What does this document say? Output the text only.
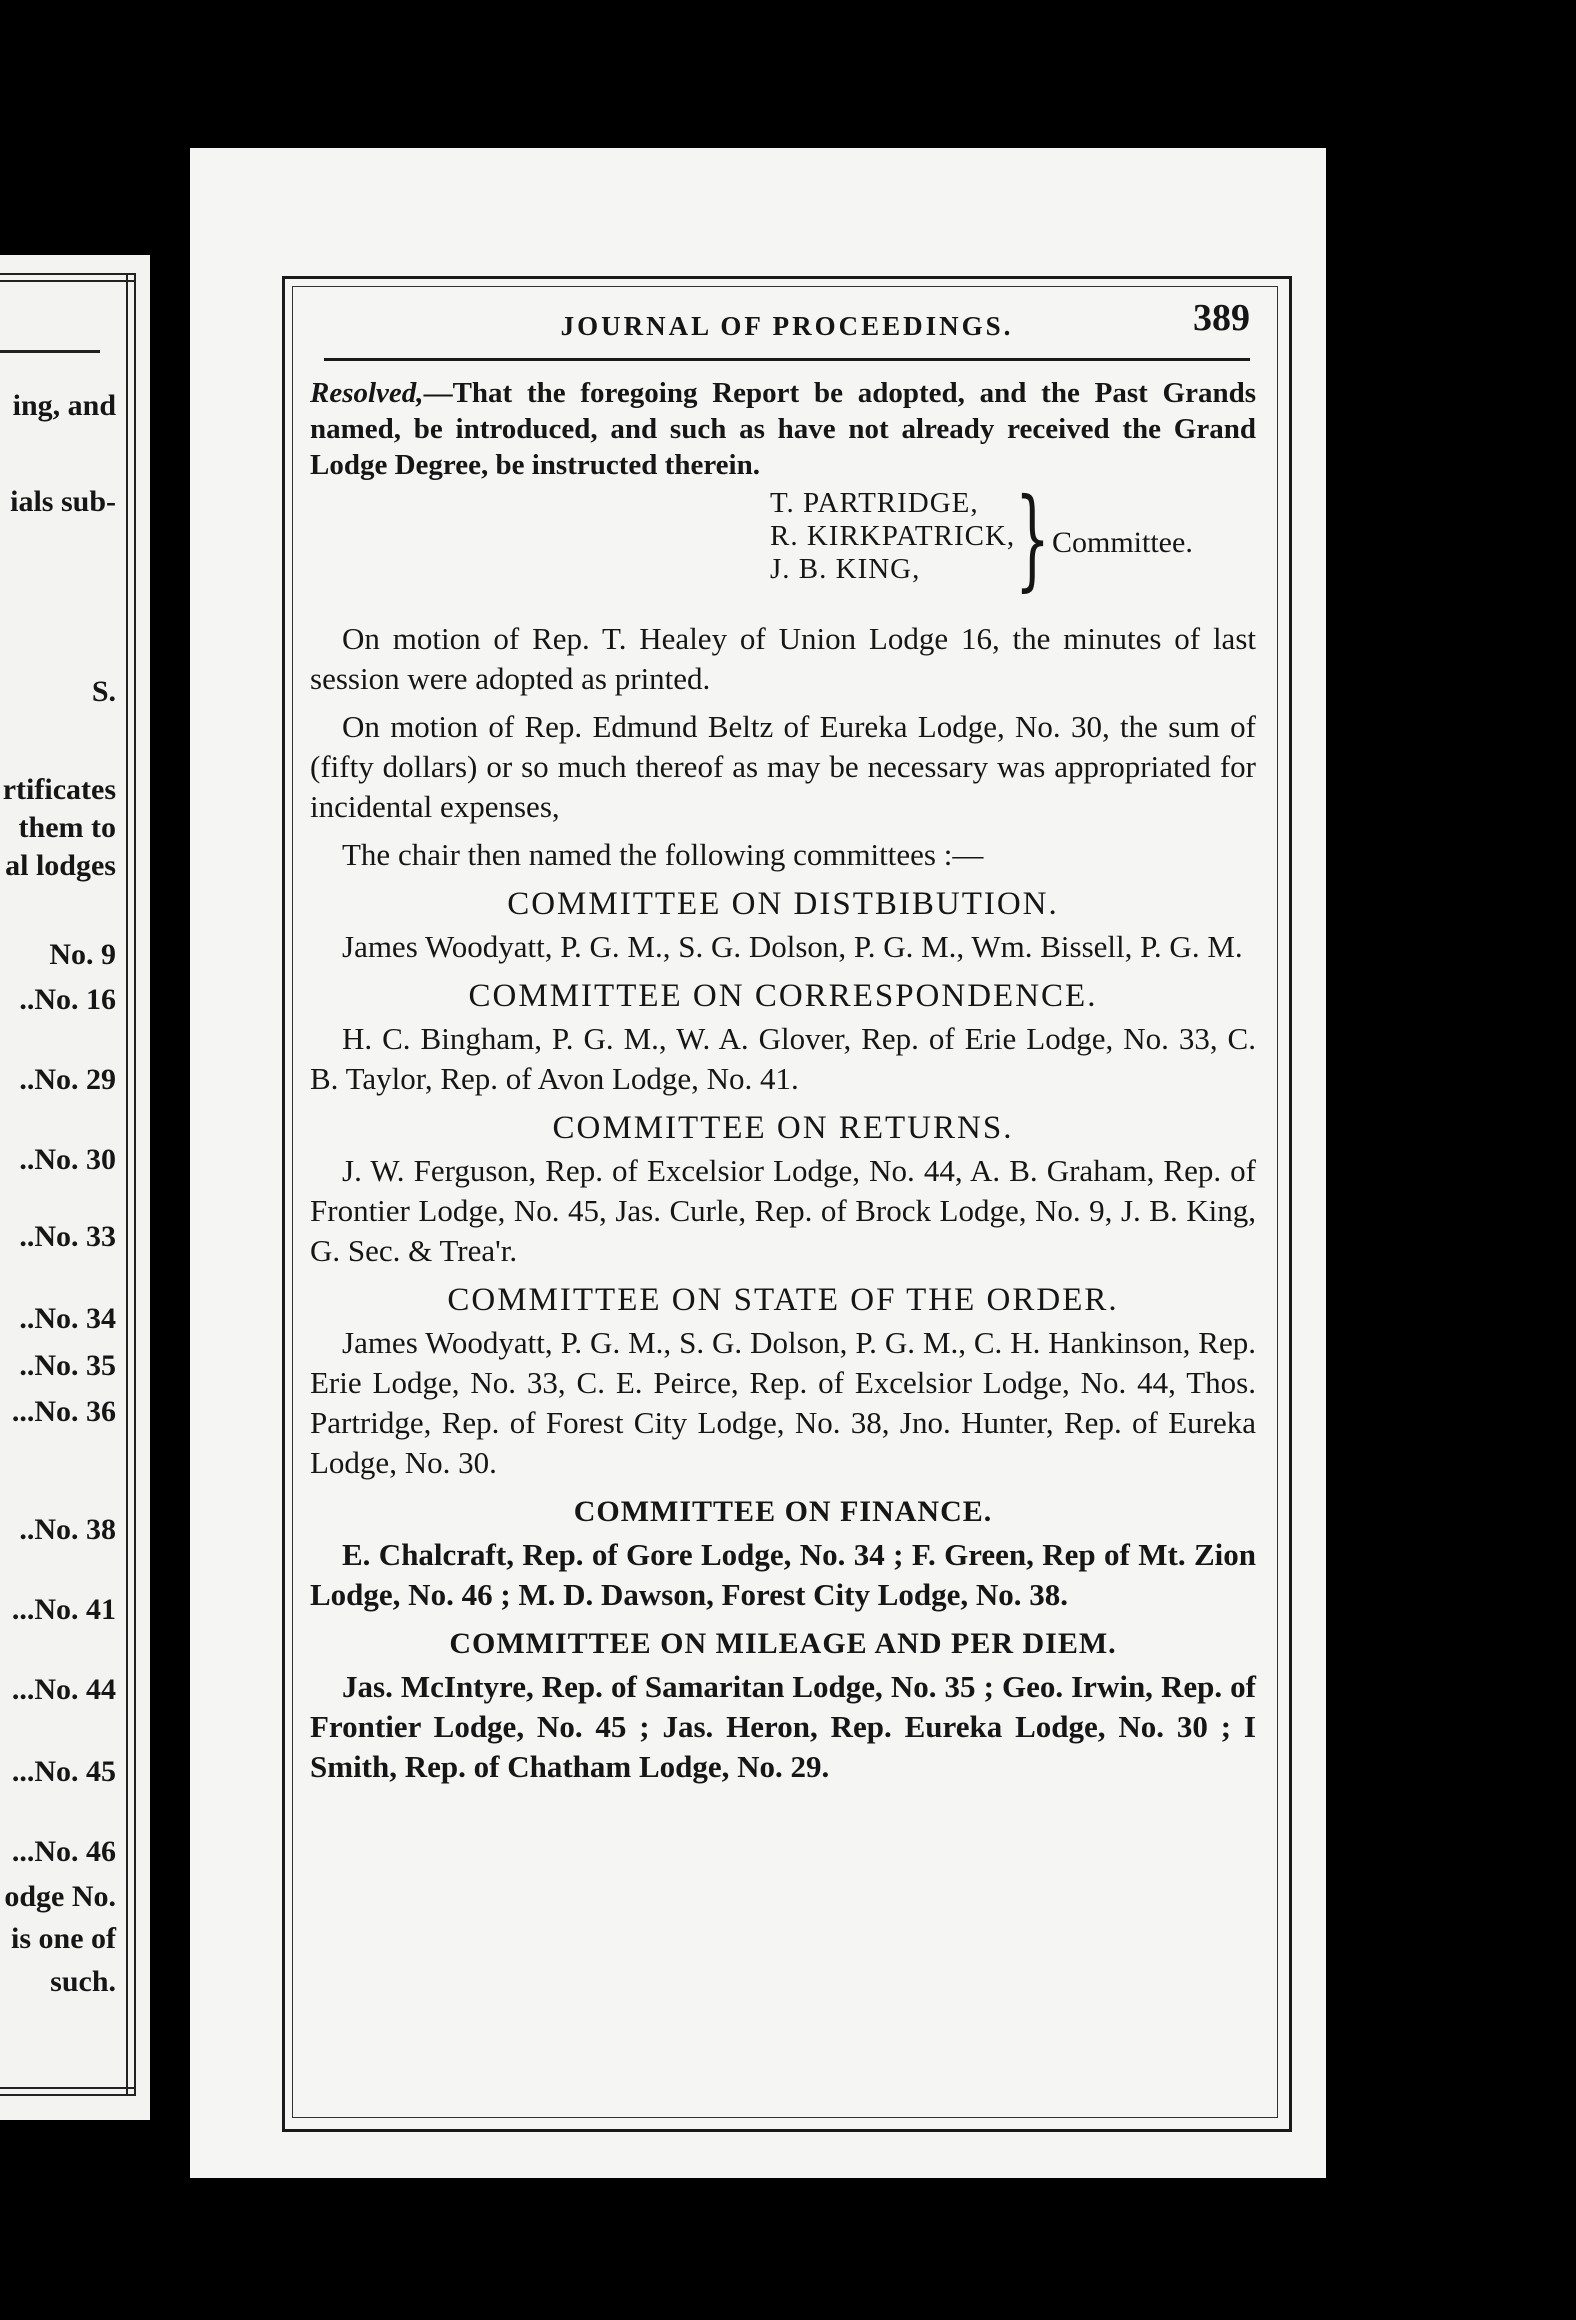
ing, and
ials sub-
S.
rtificates
them to
al lodges
No. 9
..No. 16
..No. 29
..No. 30
..No. 33
..No. 34
..No. 35
...No. 36
..No. 38
...No. 41
...No. 44
...No. 45
...No. 46
odge No.
is one of
such.
JOURNAL OF PROCEEDINGS.	389
Resolved,—That the foregoing Report be adopted, and the Past Grands named, be introduced, and such as have not already received the Grand Lodge Degree, be instructed therein.
T. PARTRIDGE,
R. KIRKPATRICK,
J. B. KING, } Committee.

On motion of Rep. T. Healey of Union Lodge 16, the minutes of last session were adopted as printed.

On motion of Rep. Edmund Beltz of Eureka Lodge, No. 30, the sum of (fifty dollars) or so much thereof as may be necessary was appropriated for incidental expenses,

The chair then named the following committees :—

COMMITTEE ON DISTBIBUTION.
James Woodyatt, P. G. M., S. G. Dolson, P. G. M., Wm. Bissell, P. G. M.
COMMITTEE ON CORRESPONDENCE.
H. C. Bingham, P. G. M., W. A. Glover, Rep. of Erie Lodge, No. 33, C. B. Taylor, Rep. of Avon Lodge, No. 41.
COMMITTEE ON RETURNS.
J. W. Ferguson, Rep. of Excelsior Lodge, No. 44, A. B. Graham, Rep. of Frontier Lodge, No. 45, Jas. Curle, Rep. of Brock Lodge, No. 9, J. B. King, G. Sec. & Trea'r.
COMMITTEE ON STATE OF THE ORDER.
James Woodyatt, P. G. M., S. G. Dolson, P. G. M., C. H. Hankinson, Rep. Erie Lodge, No. 33, C. E. Peirce, Rep. of Excelsior Lodge, No. 44, Thos. Partridge, Rep. of Forest City Lodge, No. 38, Jno. Hunter, Rep. of Eureka Lodge, No. 30.
COMMITTEE ON FINANCE.
E. Chalcraft, Rep. of Gore Lodge, No. 34 ; F. Green, Rep of Mt. Zion Lodge, No. 46 ; M. D. Dawson, Forest City Lodge, No. 38.
COMMITTEE ON MILEAGE AND PER DIEM.
Jas. McIntyre, Rep. of Samaritan Lodge, No. 35 ; Geo. Irwin, Rep. of Frontier Lodge, No. 45 ; Jas. Heron, Rep. Eureka Lodge, No. 30 ; I Smith, Rep. of Chatham Lodge, No. 29.
